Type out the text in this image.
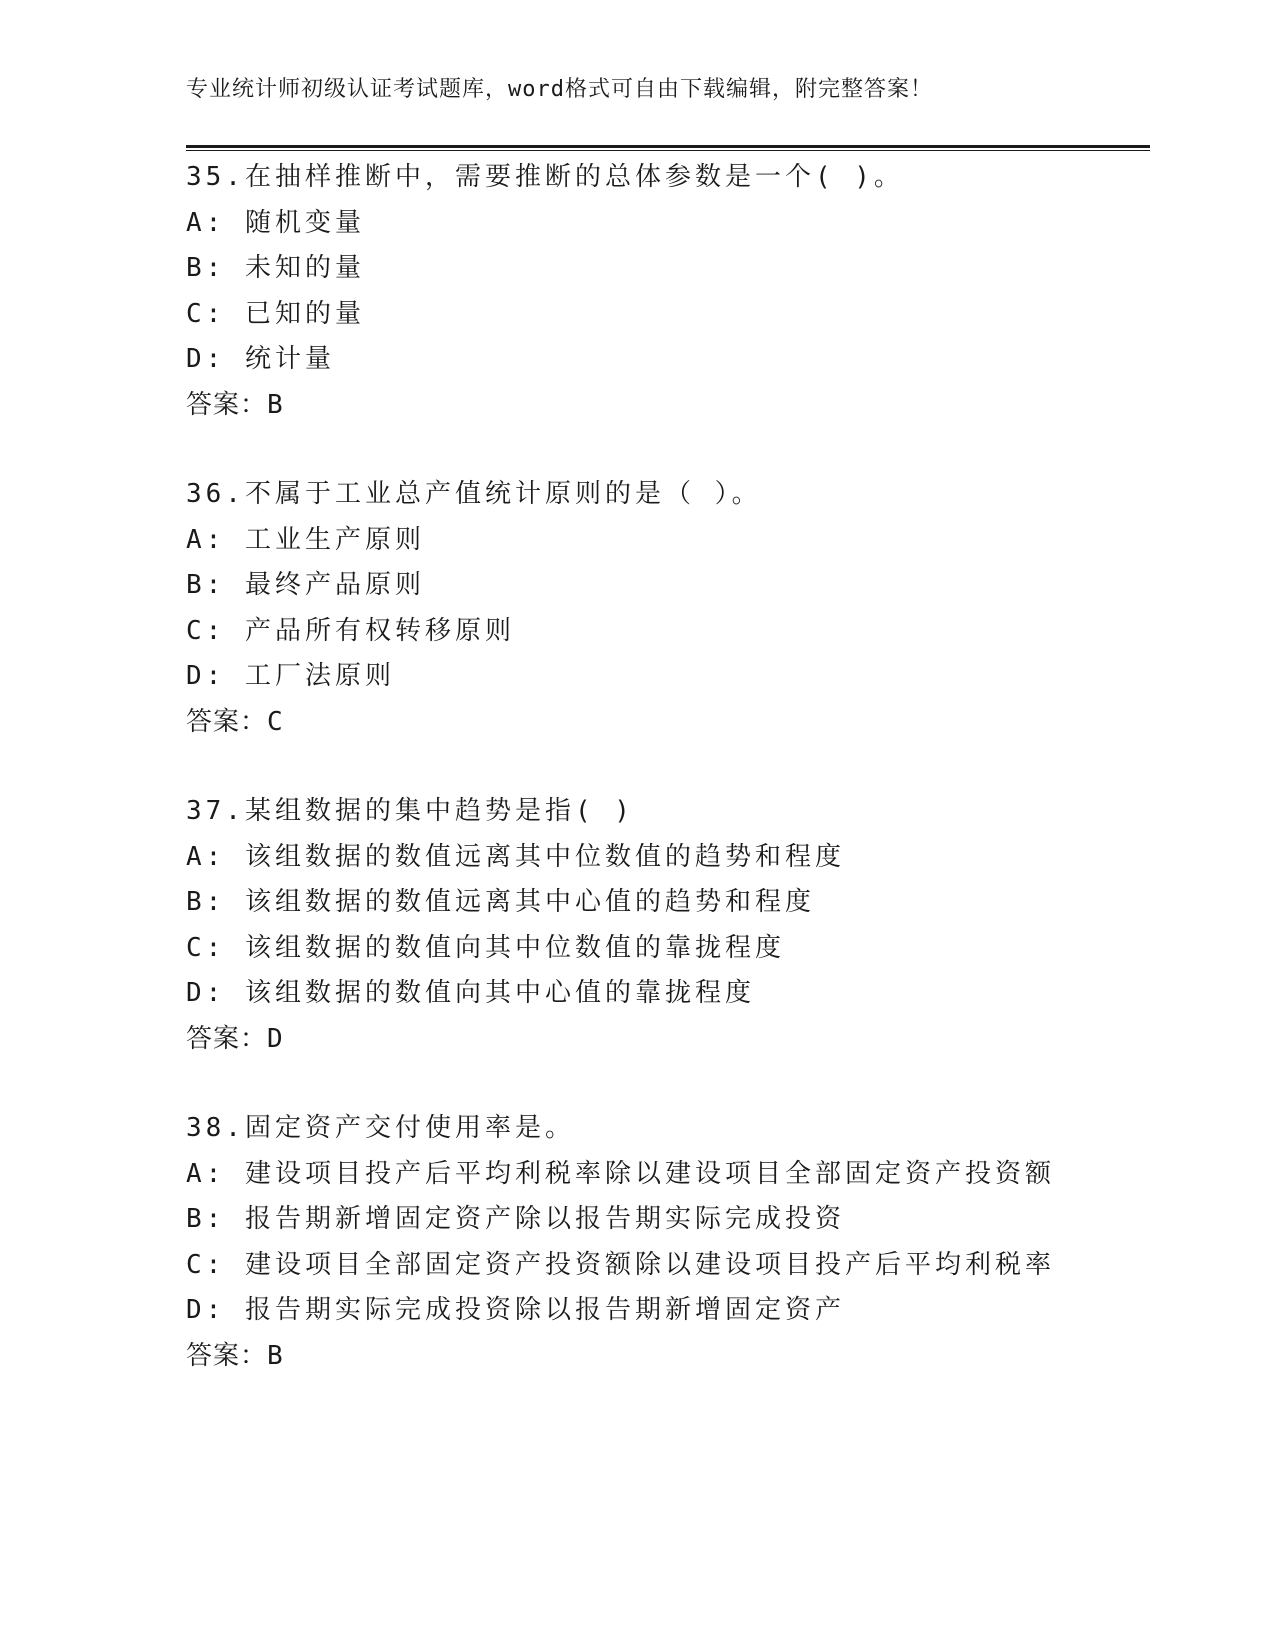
专业统计师初级认证考试题库，word格式可自由下载编辑，附完整答案！
35.在抽样推断中，需要推断的总体参数是一个( )。
A: 随机变量
B: 未知的量
C: 已知的量
D: 统计量
答案：B
36.不属于工业总产值统计原则的是（ ）。
A: 工业生产原则
B: 最终产品原则
C: 产品所有权转移原则
D: 工厂法原则
答案：C
37.某组数据的集中趋势是指( )
A: 该组数据的数值远离其中位数值的趋势和程度
B: 该组数据的数值远离其中心值的趋势和程度
C: 该组数据的数值向其中位数值的靠拢程度
D: 该组数据的数值向其中心值的靠拢程度
答案：D
38.固定资产交付使用率是。
A: 建设项目投产后平均利税率除以建设项目全部固定资产投资额
B: 报告期新增固定资产除以报告期实际完成投资
C: 建设项目全部固定资产投资额除以建设项目投产后平均利税率
D: 报告期实际完成投资除以报告期新增固定资产
答案：B
